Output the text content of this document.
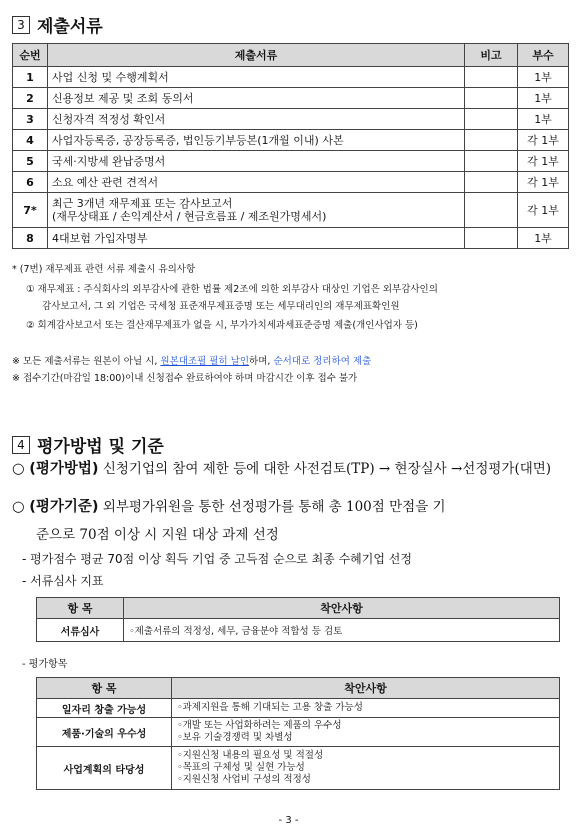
3 제출서류
순번	제출서류	비고	부수
1	사업 신청 및 수행계획서		1부
2	신용정보 제공 및 조회 동의서		1부
3	신청자격 적정성 확인서		1부
4	사업자등록증, 공장등록증, 법인등기부등본(1개월 이내) 사본		각 1부
5	국세·지방세 완납증명서		각 1부
6	소요 예산 관련 견적서		각 1부
7*	최근 3개년 재무제표 또는 감사보고서
(재무상태표 / 손익계산서 / 현금흐름표 / 제조원가명세서)		각 1부
8	4대보험 가입자명부		1부
* (7번) 재무제표 관련 서류 제출시 유의사항
① 재무제표 : 주식회사의 외부감사에 관한 법률 제2조에 의한 외부감사 대상인 기업은 외부감사인의
감사보고서, 그 외 기업은 국세청 표준재무제표증명 또는 세무대리인의 재무제표확인원
② 회계감사보고서 또는 결산재무제표가 없을 시, 부가가치세과세표준증명 제출(개인사업자 등)
※ 모든 제출서류는 원본이 아닐 시, 원본대조필 필히 날인하며, 순서대로 정리하여 제출
※ 접수기간(마감일 18:00)이내 신청접수 완료하여야 하며 마감시간 이후 접수 불가
4 평가방법 및 기준
○ (평가방법) 신청기업의 참여 제한 등에 대한 사전검토(TP) → 현장실사 →선정평가(대면)
○ (평가기준) 외부평가위원을 통한 선정평가를 통해 총 100점 만점을 기
준으로 70점 이상 시 지원 대상 과제 선정
- 평가점수 평균 70점 이상 획득 기업 중 고득점 순으로 최종 수혜기업 선정
- 서류심사 지표
항 목	착안사항
서류심사	◦제출서류의 적정성, 세무, 금융분야 적합성 등 검토
- 평가항목
항 목	착안사항
일자리 창출 가능성	◦과제지원을 통해 기대되는 고용 창출 가능성

제품·기술의 우수성	◦개발 또는 사업화하려는 제품의 우수성
◦보유 기술경쟁력 및 차별성

사업계획의 타당성	◦지원신청 내용의 필요성 및 적절성
◦목표의 구체성 및 실현 가능성
◦지원신청 사업비 구성의 적정성
- 3 -
